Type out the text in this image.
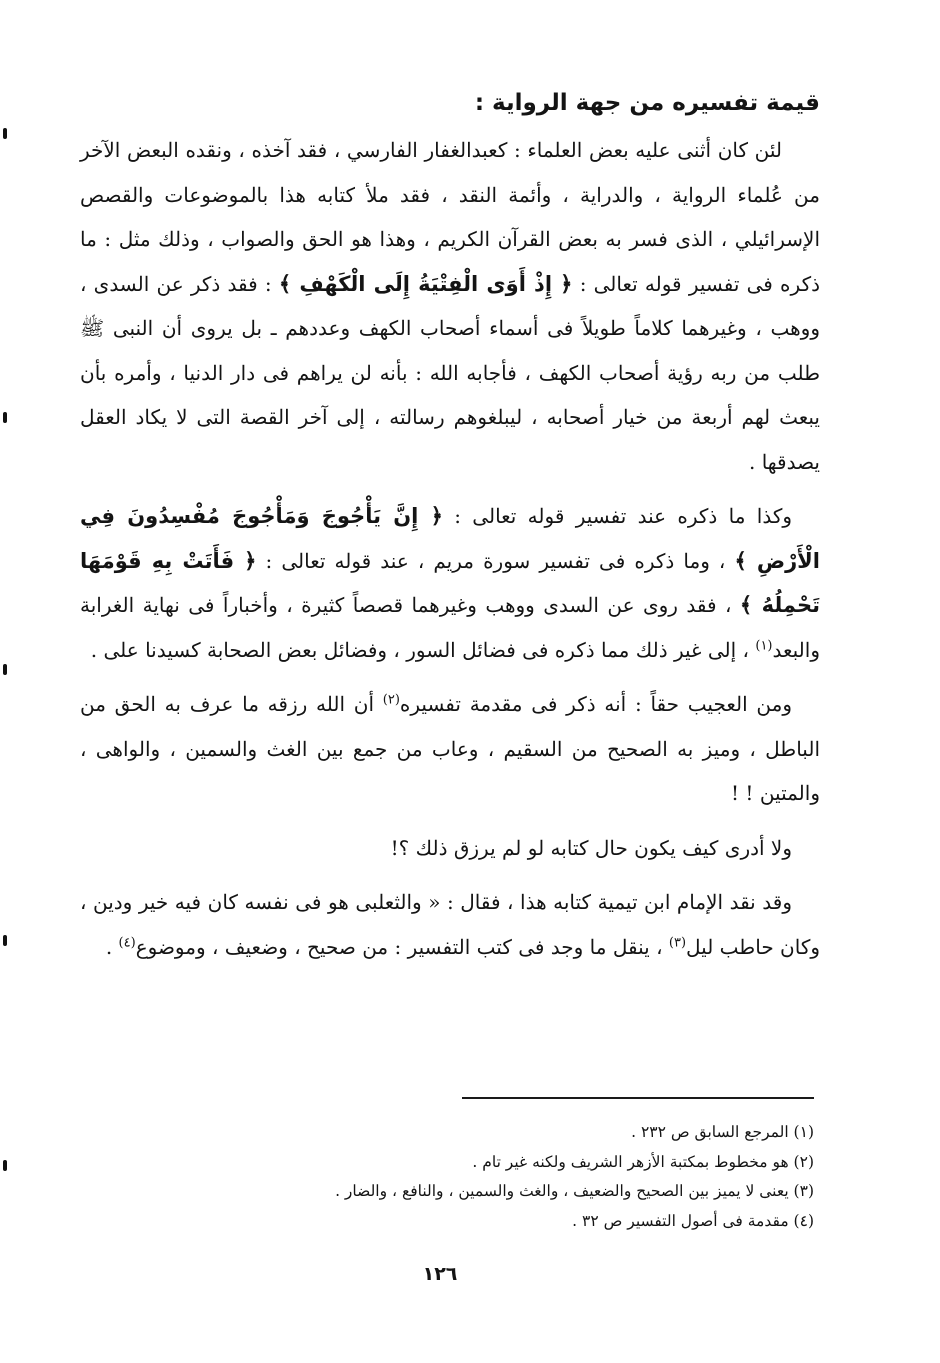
قيمة تفسيره من جهة الرواية :

لئن كان أثنى عليه بعض العلماء : كعبدالغفار الفارسي ، فقد آخذه ، ونقده البعض الآخر من عُلماء الرواية ، والدراية ، وأئمة النقد ، فقد ملأ كتابه هذا بالموضوعات والقصص الإسرائيلي ، الذى فسر به بعض القرآن الكريم ، وهذا هو الحق والصواب ، وذلك مثل : ما ذكره فى تفسير قوله تعالى : ﴿ إِذْ أَوَى الْفِتْيَةُ إِلَى الْكَهْفِ ﴾ : فقد ذكر عن السدى ، ووهب ، وغيرهما كلاماً طويلاً فى أسماء أصحاب الكهف وعددهم ـ بل يروى أن النبى ﷺ طلب من ربه رؤية أصحاب الكهف ، فأجابه الله : بأنه لن يراهم فى دار الدنيا ، وأمره بأن يبعث لهم أربعة من خيار أصحابه ، ليبلغوهم رسالته ، إلى آخر القصة التى لا يكاد العقل يصدقها .

وكذا ما ذكره عند تفسير قوله تعالى : ﴿ إِنَّ يَأْجُوجَ وَمَأْجُوجَ مُفْسِدُونَ فِي الْأَرْضِ ﴾ ، وما ذكره فى تفسير سورة مريم ، عند قوله تعالى : ﴿ فَأَتَتْ بِهِ قَوْمَهَا تَحْمِلُهُ ﴾ ، فقد روى عن السدى ووهب وغيرهما قصصاً كثيرة ، وأخباراً فى نهاية الغرابة والبعد$^{(١)}$ ، إلى غير ذلك مما ذكره فى فضائل السور ، وفضائل بعض الصحابة كسيدنا على .

ومن العجيب حقاً : أنه ذكر فى مقدمة تفسيره$^{(٢)}$ أن الله رزقه ما عرف به الحق من الباطل ، وميز به الصحيح من السقيم ، وعاب من جمع بين الغث والسمين ، والواهى ، والمتين ! !

ولا أدرى كيف يكون حال كتابه لو لم يرزق ذلك ؟!

وقد نقد الإمام ابن تيمية كتابه هذا ، فقال : « والثعلبى هو فى نفسه كان فيه خير ودين ، وكان حاطب ليل$^{(٣)}$ ، ينقل ما وجد فى كتب التفسير : من صحيح ، وضعيف ، وموضوع$^{(٤)}$ .

(١) المرجع السابق ص ٢٣٢ .
(٢) هو مخطوط بمكتبة الأزهر الشريف ولكنه غير تام .
(٣) يعنى لا يميز بين الصحيح والضعيف ، والغث والسمين ، والنافع ، والضار .
(٤) مقدمة فى أصول التفسير ص ٣٢ .
١٢٦
